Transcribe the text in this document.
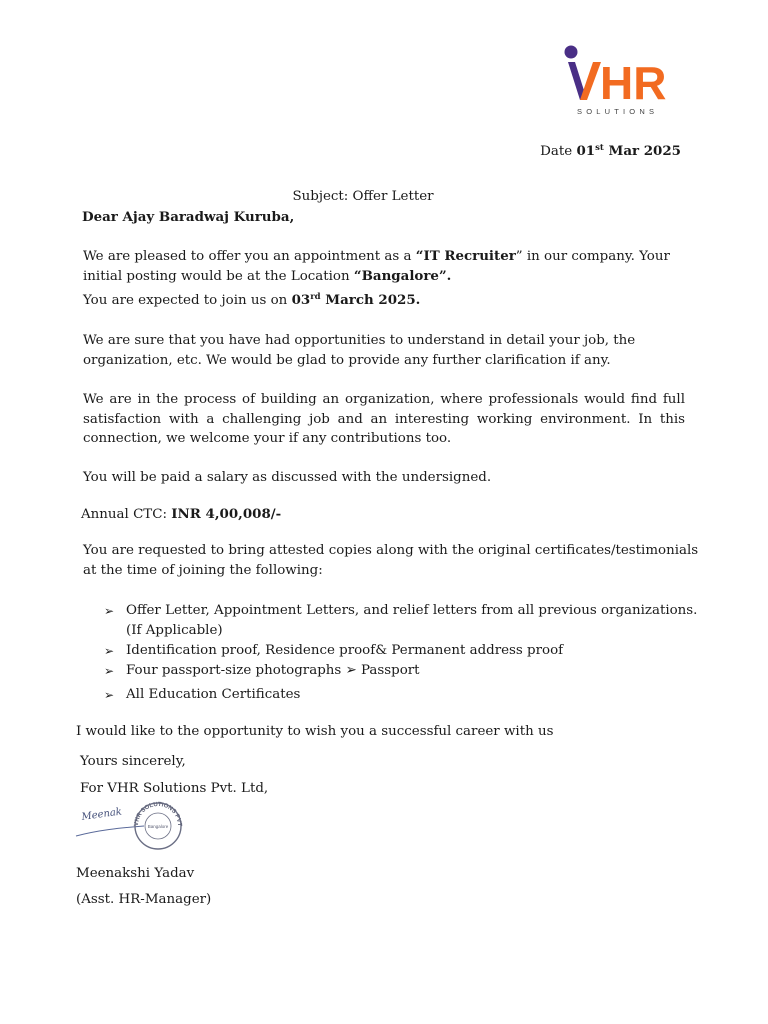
HR
SOLUTIONS
Date 01st Mar 2025
Subject: Offer Letter
Dear Ajay Baradwaj Kuruba,
We are pleased to offer you an appointment as a “IT Recruiter” in our company. Your initial posting would be at the Location “Bangalore”.
You are expected to join us on 03rd March 2025.
We are sure that you have had opportunities to understand in detail your job, the organization, etc. We would be glad to provide any further clarification if any.
We are in the process of building an organization, where professionals would find full satisfaction with a challenging job and an interesting working environment. In this connection, we welcome your if any contributions too.
You will be paid a salary as discussed with the undersigned.
Annual CTC: INR 4,00,008/-
You are requested to bring attested copies along with the original certificates/testimonials at the time of joining the following:
➢ Offer Letter, Appointment Letters, and relief letters from all previous organizations. (If Applicable)
➢ Identification proof, Residence proof& Permanent address proof
➢ Four passport-size photographs ➢ Passport
➢ All Education Certificates
I would like to the opportunity to wish you a successful career with us
Yours sincerely,
For VHR Solutions Pvt. Ltd,
Meenak
VHR SOLUTIONS PVT
Bangalore
Meenakshi Yadav
(Asst. HR-Manager)
